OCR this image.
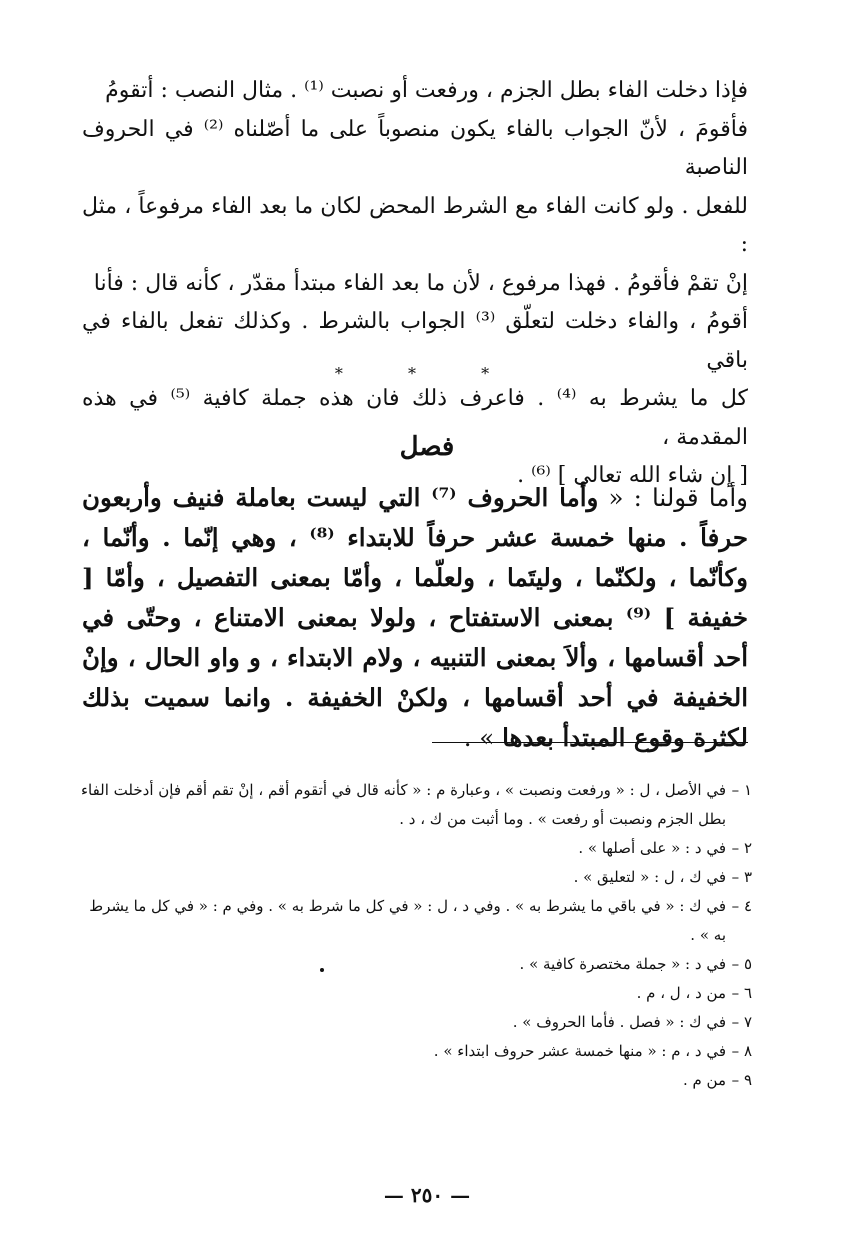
فإذا دخلت الفاء بطل الجزم ، ورفعت أو نصبت ⁽¹⁾ . مثال النصب : أتقومُ
فأقومَ ، لأنّ الجواب بالفاء يكون منصوباً على ما أصّلناه ⁽²⁾ في الحروف الناصبة
للفعل . ولو كانت الفاء مع الشرط المحض لكان ما بعد الفاء مرفوعاً ، مثل :
إنْ تقمْ فأقومُ . فهذا مرفوع ، لأن ما بعد الفاء مبتدأ مقدّر ، كأنه قال : فأنا
أقومُ ، والفاء دخلت لتعلّق ⁽³⁾ الجواب بالشرط . وكذلك تفعل بالفاء في باقي
كل ما يشرط به ⁽⁴⁾ . فاعرف ذلك فان هذه جملة كافية ⁽⁵⁾ في هذه المقدمة ،
[ إن شاء الله تعالى ] ⁽⁶⁾ .
* * *
فصل
وأما قولنا : « وأما الحروف ⁽⁷⁾ التي ليست بعاملة فنيف وأربعون حرفاً . منها خمسة عشر حرفاً للابتداء ⁽⁸⁾ ، وهي إنّما . وأنّما ، وكأنّما ، ولكنّما ، وليتَما ، ولعلّما ، وأمّا بمعنى التفصيل ، وأمّا [ خفيفة ] ⁽⁹⁾ بمعنى الاستفتاح ، ولولا بمعنى الامتناع ، وحتّى في أحد أقسامها ، وألاَ بمعنى التنبيه ، ولام الابتداء ، و واو الحال ، وإنْ الخفيفة في أحد أقسامها ، ولكنْ الخفيفة . وانما سميت بذلك لكثرة وقوع المبتدأ بعدها » .
١ –
في الأصل ، ل : « ورفعت ونصبت » ، وعبارة م : « كأنه قال في أتقوم أقم ، إنْ تقم أقم فإن أدخلت الفاء بطل الجزم ونصبت أو رفعت » . وما أثبت من ك ، د .
٢ –
في د : « على أصلها » .
٣ –
في ك ، ل : « لتعليق » .
٤ –
في ك : « في باقي ما يشرط به » . وفي د ، ل : « في كل ما شرط به » . وفي م : « في كل ما يشرط به » .
٥ –
في د : « جملة مختصرة كافية » .
٦ –
من د ، ل ، م .
٧ –
في ك : « فصل . فأما الحروف » .
٨ –
في د ، م : « منها خمسة عشر حروف ابتداء » .
٩ –
من م .
— ٢٥٠ —
